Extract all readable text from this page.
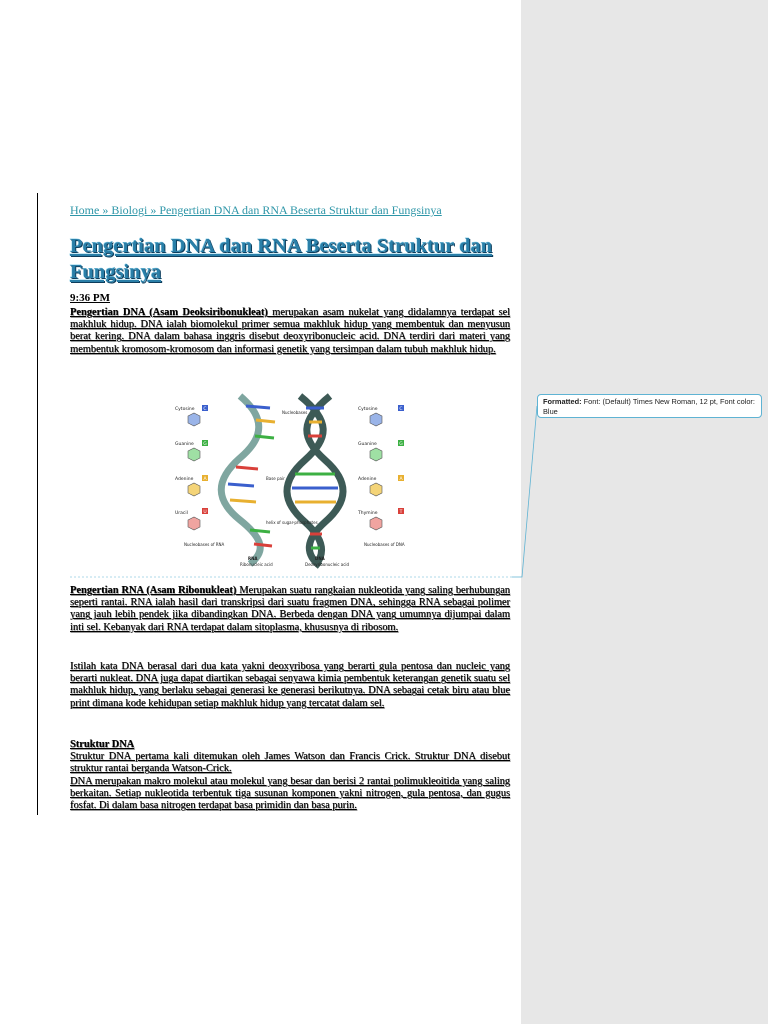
Home » Biologi » Pengertian DNA dan RNA Beserta Struktur dan Fungsinya
Pengertian DNA dan RNA Beserta Struktur dan Fungsinya
9:36 PM
Pengertian DNA (Asam Deoksiribonukleat) merupakan asam nukelat yang didalamnya terdapat sel makhluk hidup. DNA ialah biomolekul primer semua makhluk hidup yang membentuk dan menyusun berat kering. DNA dalam bahasa inggris disebut deoxyribonucleic acid. DNA terdiri dari materi yang membentuk kromosom-kromosom dan informasi genetik yang tersimpan dalam tubuh makhluk hidup.
Cytosine
Guanine
Adenine
Uracil
Cytosine
Guanine
Adenine
Thymine
C
G
A
U
C
G
A
T
Nucleobases
Base pair
helix of sugar-phosphates
RNA
Ribonucleic acid
DNA
Deoxyribonucleic acid
Nucleobases of RNA	Nucleobases of DNA
Pengertian RNA (Asam Ribonukleat) Merupakan suatu rangkaian nukleotida yang saling berhubungan seperti rantai. RNA ialah hasil dari transkripsi dari suatu fragmen DNA, sehingga RNA sebagai polimer yang jauh lebih pendek jika dibandingkan DNA. Berbeda dengan DNA yang umumnya dijumpai dalam inti sel. Kebanyak dari RNA terdapat dalam sitoplasma, khususnya di ribosom.
Istilah kata DNA berasal dari dua kata yakni deoxyribosa yang berarti gula pentosa dan nucleic yang berarti nukleat. DNA juga dapat diartikan sebagai senyawa kimia pembentuk keterangan genetik suatu sel makhluk hidup, yang berlaku sebagai generasi ke generasi berikutnya. DNA sebagai cetak biru atau blue print dimana kode kehidupan setiap makhluk hidup yang tercatat dalam sel.
Struktur DNA
Struktur DNA pertama kali ditemukan oleh James Watson dan Francis Crick. Struktur DNA disebut struktur rantai berganda Watson-Crick.
DNA merupakan makro molekul atau molekul yang besar dan berisi 2 rantai polimukleoitida yang saling berkaitan. Setiap nukleotida terbentuk tiga susunan komponen yakni nitrogen, gula pentosa, dan gugus fosfat. Di dalam basa nitrogen terdapat basa primidin dan basa purin.
Formatted: Font: (Default) Times New Roman, 12 pt, Font color: Blue
